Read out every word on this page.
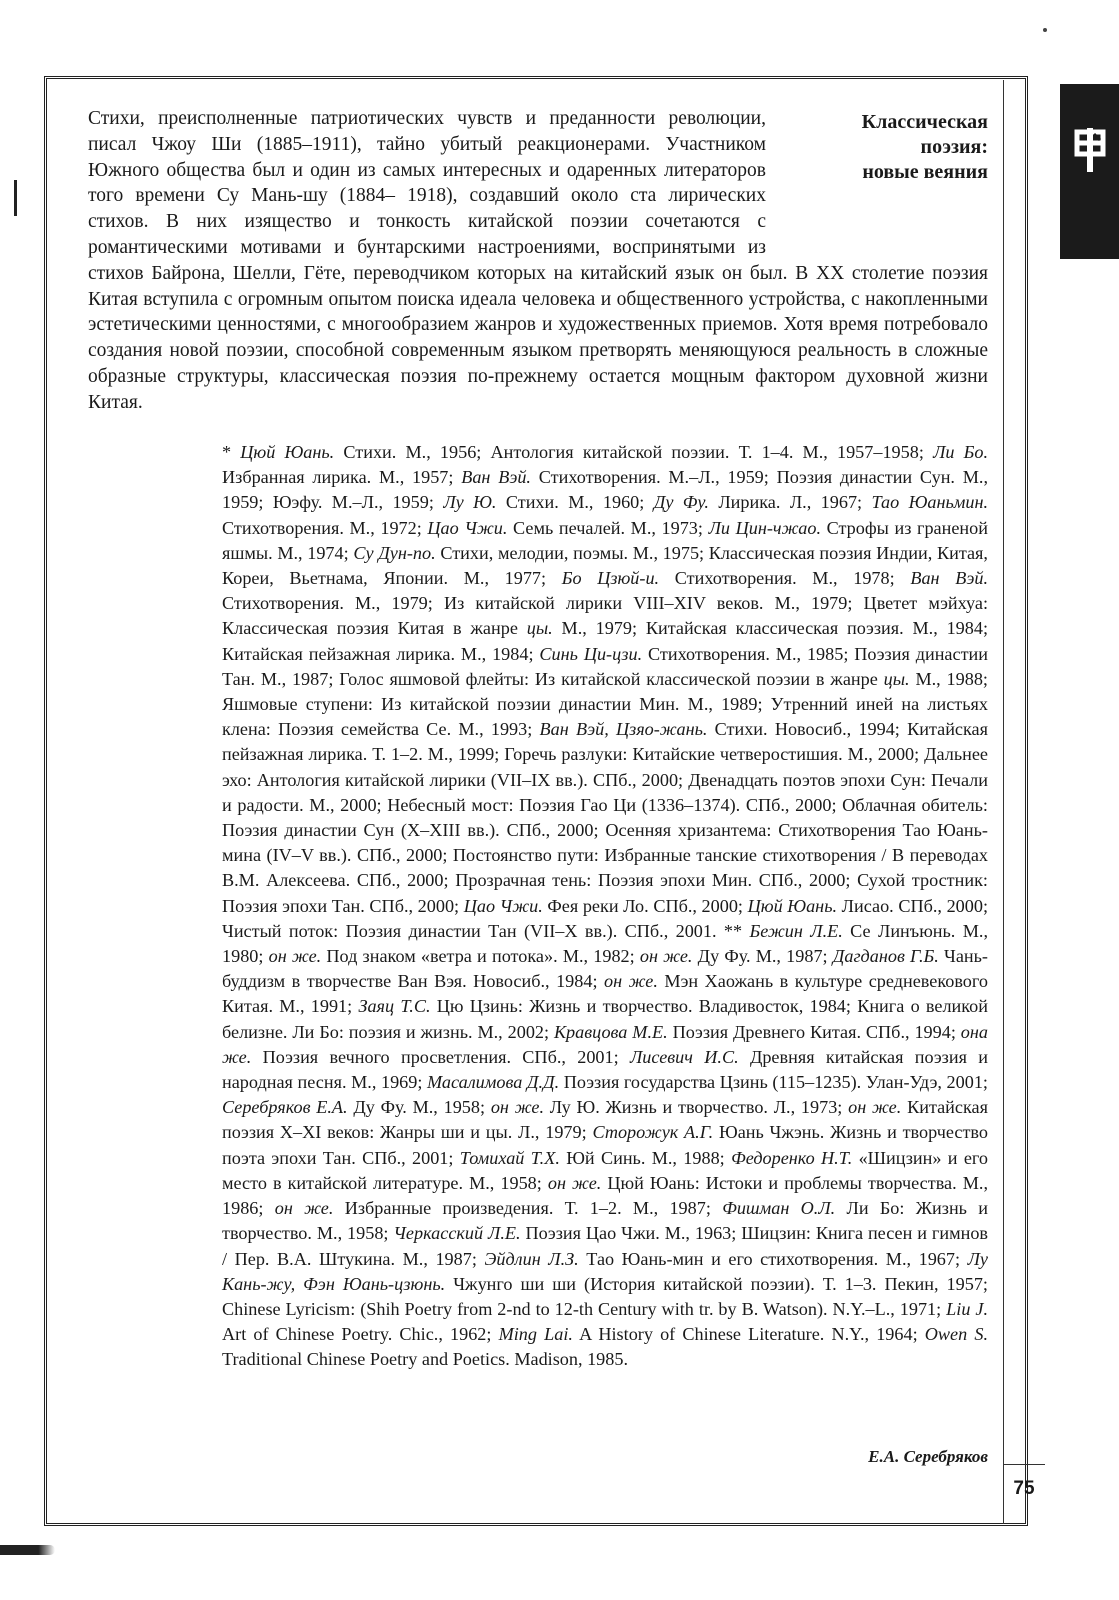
Классическая
поэзия:
новые веяния

Стихи, преисполненные патриотических чувств и преданности революции, писал Чжоу Ши (1885–1911), тайно убитый реакционерами. Участником Южного общества был и один из самых интересных и одаренных литераторов того времени Су Мань-шу (1884– 1918), создавший около ста лирических стихов. В них изящество и тонкость китайской поэзии сочетаются с романтическими мотивами и бунтарскими настроениями, воспринятыми из стихов Байрона, Шелли, Гёте, переводчиком которых на китайский язык он был. В XX столетие поэзия Китая вступила с огромным опытом поиска идеала человека и общественного устройства, с накопленными эстетическими ценностями, с многообразием жанров и художественных приемов. Хотя время потребовало создания новой поэзии, способной современным языком претворять меняющуюся реальность в сложные образные структуры, классическая поэзия по-прежнему остается мощным фактором духовной жизни Китая.

* Цюй Юань. Стихи. М., 1956; Антология китайской поэзии. Т. 1–4. М., 1957–1958; Ли Бо. Избранная лирика. М., 1957; Ван Вэй. Стихотворения. М.–Л., 1959; Поэзия династии Сун. М., 1959; Юэфу. М.–Л., 1959; Лу Ю. Стихи. М., 1960; Ду Фу. Лирика. Л., 1967; Тао Юаньмин. Стихотворения. М., 1972; Цао Чжи. Семь печалей. М., 1973; Ли Цин-чжао. Строфы из граненой яшмы. М., 1974; Су Дун-по. Стихи, мелодии, поэмы. М., 1975; Классическая поэзия Индии, Китая, Кореи, Вьетнама, Японии. М., 1977; Бо Цзюй-и. Стихотворения. М., 1978; Ван Вэй. Стихотворения. М., 1979; Из китайской лирики VIII–XIV веков. М., 1979; Цветет мэйхуа: Классическая поэзия Китая в жанре цы. М., 1979; Китайская классическая поэзия. М., 1984; Китайская пейзажная лирика. М., 1984; Синь Ци-цзи. Стихотворения. М., 1985; Поэзия династии Тан. М., 1987; Голос яшмовой флейты: Из китайской классической поэзии в жанре цы. М., 1988; Яшмовые ступени: Из китайской поэзии династии Мин. М., 1989; Утренний иней на листьях клена: Поэзия семейства Се. М., 1993; Ван Вэй, Цзяо-жань. Стихи. Новосиб., 1994; Китайская пейзажная лирика. Т. 1–2. М., 1999; Горечь разлуки: Китайские четверостишия. М., 2000; Дальнее эхо: Антология китайской лирики (VII–IX вв.). СПб., 2000; Двенадцать поэтов эпохи Сун: Печали и радости. М., 2000; Небесный мост: Поэзия Гао Ци (1336–1374). СПб., 2000; Облачная обитель: Поэзия династии Сун (X–XIII вв.). СПб., 2000; Осенняя хризантема: Стихотворения Тао Юань-мина (IV–V вв.). СПб., 2000; Постоянство пути: Избранные танские стихотворения / В переводах В.М. Алексеева. СПб., 2000; Прозрачная тень: Поэзия эпохи Мин. СПб., 2000; Сухой тростник: Поэзия эпохи Тан. СПб., 2000; Цао Чжи. Фея реки Ло. СПб., 2000; Цюй Юань. Лисао. СПб., 2000; Чистый поток: Поэзия династии Тан (VII–X вв.). СПб., 2001. ** Бежин Л.Е. Се Линъюнь. М., 1980; он же. Под знаком «ветра и потока». М., 1982; он же. Ду Фу. М., 1987; Дагданов Г.Б. Чань-буддизм в творчестве Ван Вэя. Новосиб., 1984; он же. Мэн Хаожань в культуре средневекового Китая. М., 1991; Заяц Т.С. Цю Цзинь: Жизнь и творчество. Владивосток, 1984; Книга о великой белизне. Ли Бо: поэзия и жизнь. М., 2002; Кравцова М.Е. Поэзия Древнего Китая. СПб., 1994; она же. Поэзия вечного просветления. СПб., 2001; Лисевич И.С. Древняя китайская поэзия и народная песня. М., 1969; Масалимова Д.Д. Поэзия государства Цзинь (115–1235). Улан-Удэ, 2001; Серебряков Е.А. Ду Фу. М., 1958; он же. Лу Ю. Жизнь и творчество. Л., 1973; он же. Китайская поэзия X–XI веков: Жанры ши и цы. Л., 1979; Сторожук А.Г. Юань Чжэнь. Жизнь и творчество поэта эпохи Тан. СПб., 2001; Томихай Т.Х. Юй Синь. М., 1988; Федоренко Н.Т. «Шицзин» и его место в китайской литературе. М., 1958; он же. Цюй Юань: Истоки и проблемы творчества. М., 1986; он же. Избранные произведения. Т. 1–2. М., 1987; Фишман О.Л. Ли Бо: Жизнь и творчество. М., 1958; Черкасский Л.Е. Поэзия Цао Чжи. М., 1963; Шицзин: Книга песен и гимнов / Пер. В.А. Штукина. М., 1987; Эйдлин Л.З. Тао Юань-мин и его стихотворения. М., 1967; Лу Кань-жу, Фэн Юань-цзюнь. Чжунго ши ши (История китайской поэзии). Т. 1–3. Пекин, 1957; Chinese Lyricism: (Shih Poetry from 2-nd to 12-th Century with tr. by B. Watson). N.Y.–L., 1971; Liu J. Art of Chinese Poetry. Chic., 1962; Ming Lai. A History of Chinese Literature. N.Y., 1964; Owen S. Traditional Chinese Poetry and Poetics. Madison, 1985.

Е.А. Серебряков
75
